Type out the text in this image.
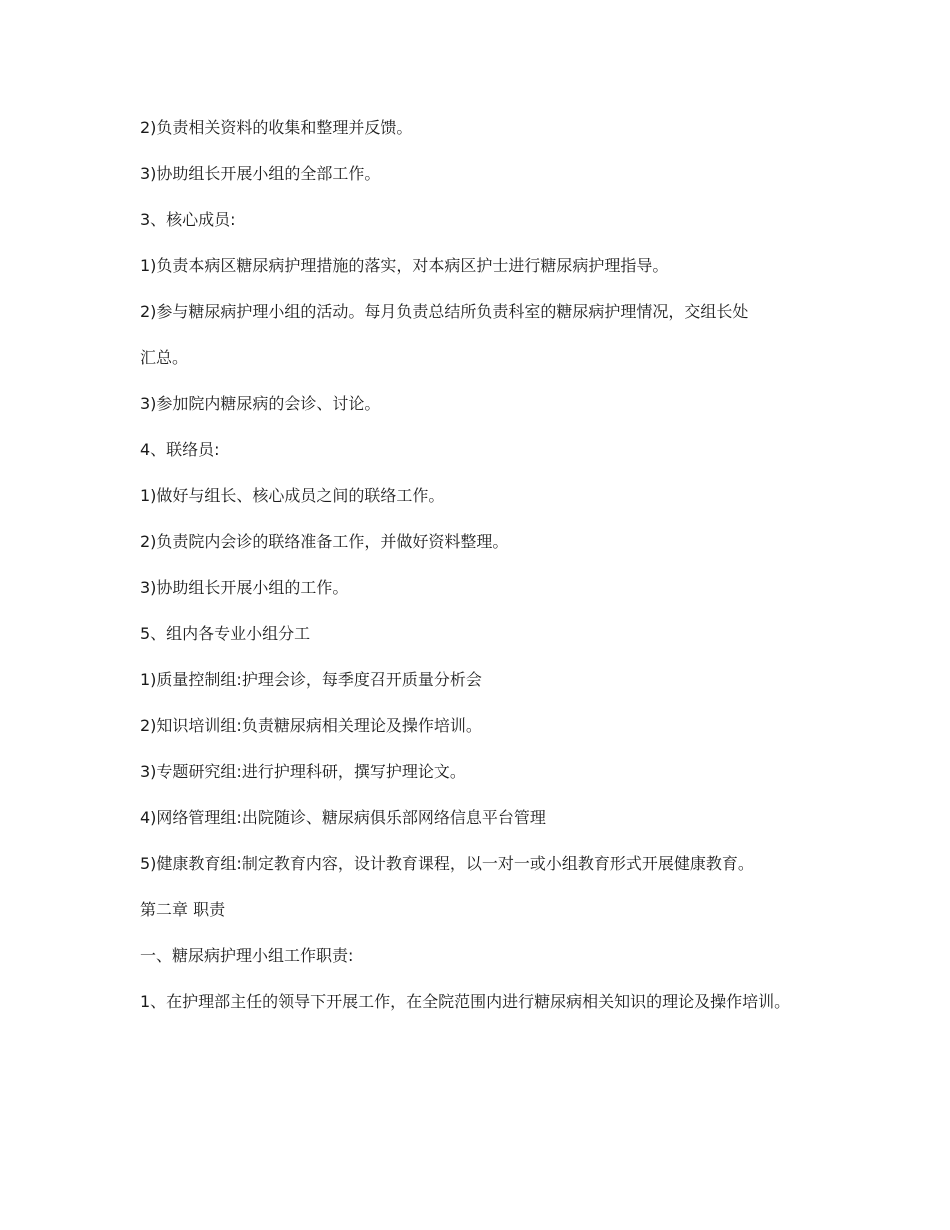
2)负责相关资料的收集和整理并反馈。

3)协助组长开展小组的全部工作。

3、核心成员:

1)负责本病区糖尿病护理措施的落实，对本病区护士进行糖尿病护理指导。

2)参与糖尿病护理小组的活动。每月负责总结所负责科室的糖尿病护理情况，交组长处

汇总。

3)参加院内糖尿病的会诊、讨论。

4、联络员:

1)做好与组长、核心成员之间的联络工作。

2)负责院内会诊的联络准备工作，并做好资料整理。

3)协助组长开展小组的工作。

5、组内各专业小组分工

1)质量控制组:护理会诊，每季度召开质量分析会

2)知识培训组:负责糖尿病相关理论及操作培训。

3)专题研究组:进行护理科研，撰写护理论文。

4)网络管理组:出院随诊、糖尿病俱乐部网络信息平台管理

5)健康教育组:制定教育内容，设计教育课程，以一对一或小组教育形式开展健康教育。

第二章 职责

一、糖尿病护理小组工作职责:

1、在护理部主任的领导下开展工作，在全院范围内进行糖尿病相关知识的理论及操作培训。
